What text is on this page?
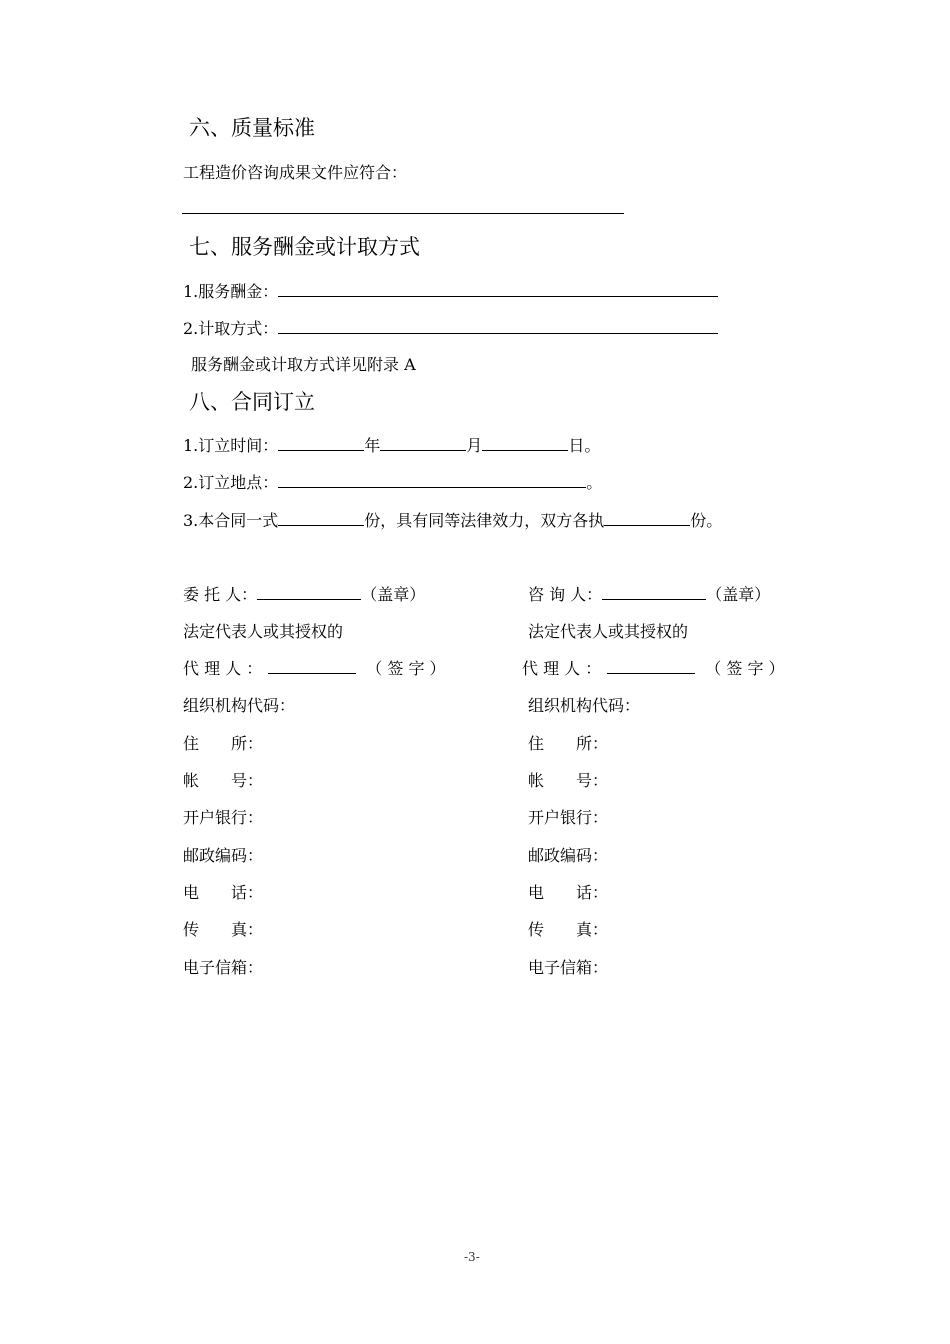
六、质量标准
工程造价咨询成果文件应符合：
七、服务酬金或计取方式
1.服务酬金：
2.计取方式：
服务酬金或计取方式详见附录 A
八、合同订立
1.订立时间：	年	月	日。
2.订立地点：	。
3.本合同一式	份，具有同等法律效力，双方各执	份。
委 托 人：	（盖章）
法定代表人或其授权的
代 理 人 ：	（ 签 字 ）
组织机构代码：
住　　所：
帐　　号：
开户银行：
邮政编码：
电　　话：
传　　真：
电子信箱：
咨 询 人：	（盖章）
法定代表人或其授权的
代 理 人 ：	（ 签 字 ）
组织机构代码：
住　　所：
帐　　号：
开户银行：
邮政编码：
电　　话：
传　　真：
电子信箱：
-3-
